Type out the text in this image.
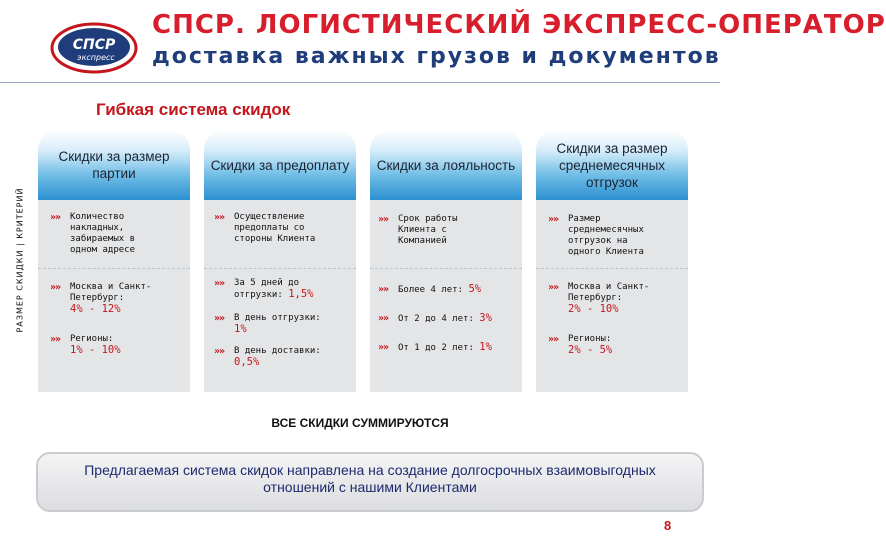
СПСР
экспресс
СПСР. ЛОГИСТИЧЕСКИЙ ЭКСПРЕСС-ОПЕРАТОР
доставка важных грузов и документов
Гибкая система скидок
РАЗМЕР СКИДКИ | КРИТЕРИЙ
Скидки за размер партии
»»	Количество
накладных,
забираемых в
одном адресе
»»	Москва и Санкт-
Петербург:
4% - 12%
»»	Регионы:
1% - 10%
Скидки за предоплату
»»	Осуществление
предоплаты со
стороны Клиента
»»	За 5 дней до
отгрузки: 1,5%
»»	В день отгрузки:
1%
»»	В день доставки:
0,5%
Скидки за лояльность
»»	Срок работы
Клиента с
Компанией
»»	Более 4 лет: 5%
»»	От 2 до 4 лет: 3%
»»	От 1 до 2 лет: 1%
Скидки за размер среднемесячных отгрузок
»»	Размер
среднемесячных
отгрузок на
одного Клиента
»»	Москва и Санкт-
Петербург:
2% - 10%
»»	Регионы:
2% - 5%
ВСЕ СКИДКИ СУММИРУЮТСЯ
Предлагаемая система скидок направлена на создание долгосрочных взаимовыгодных отношений с нашими Клиентами
8
